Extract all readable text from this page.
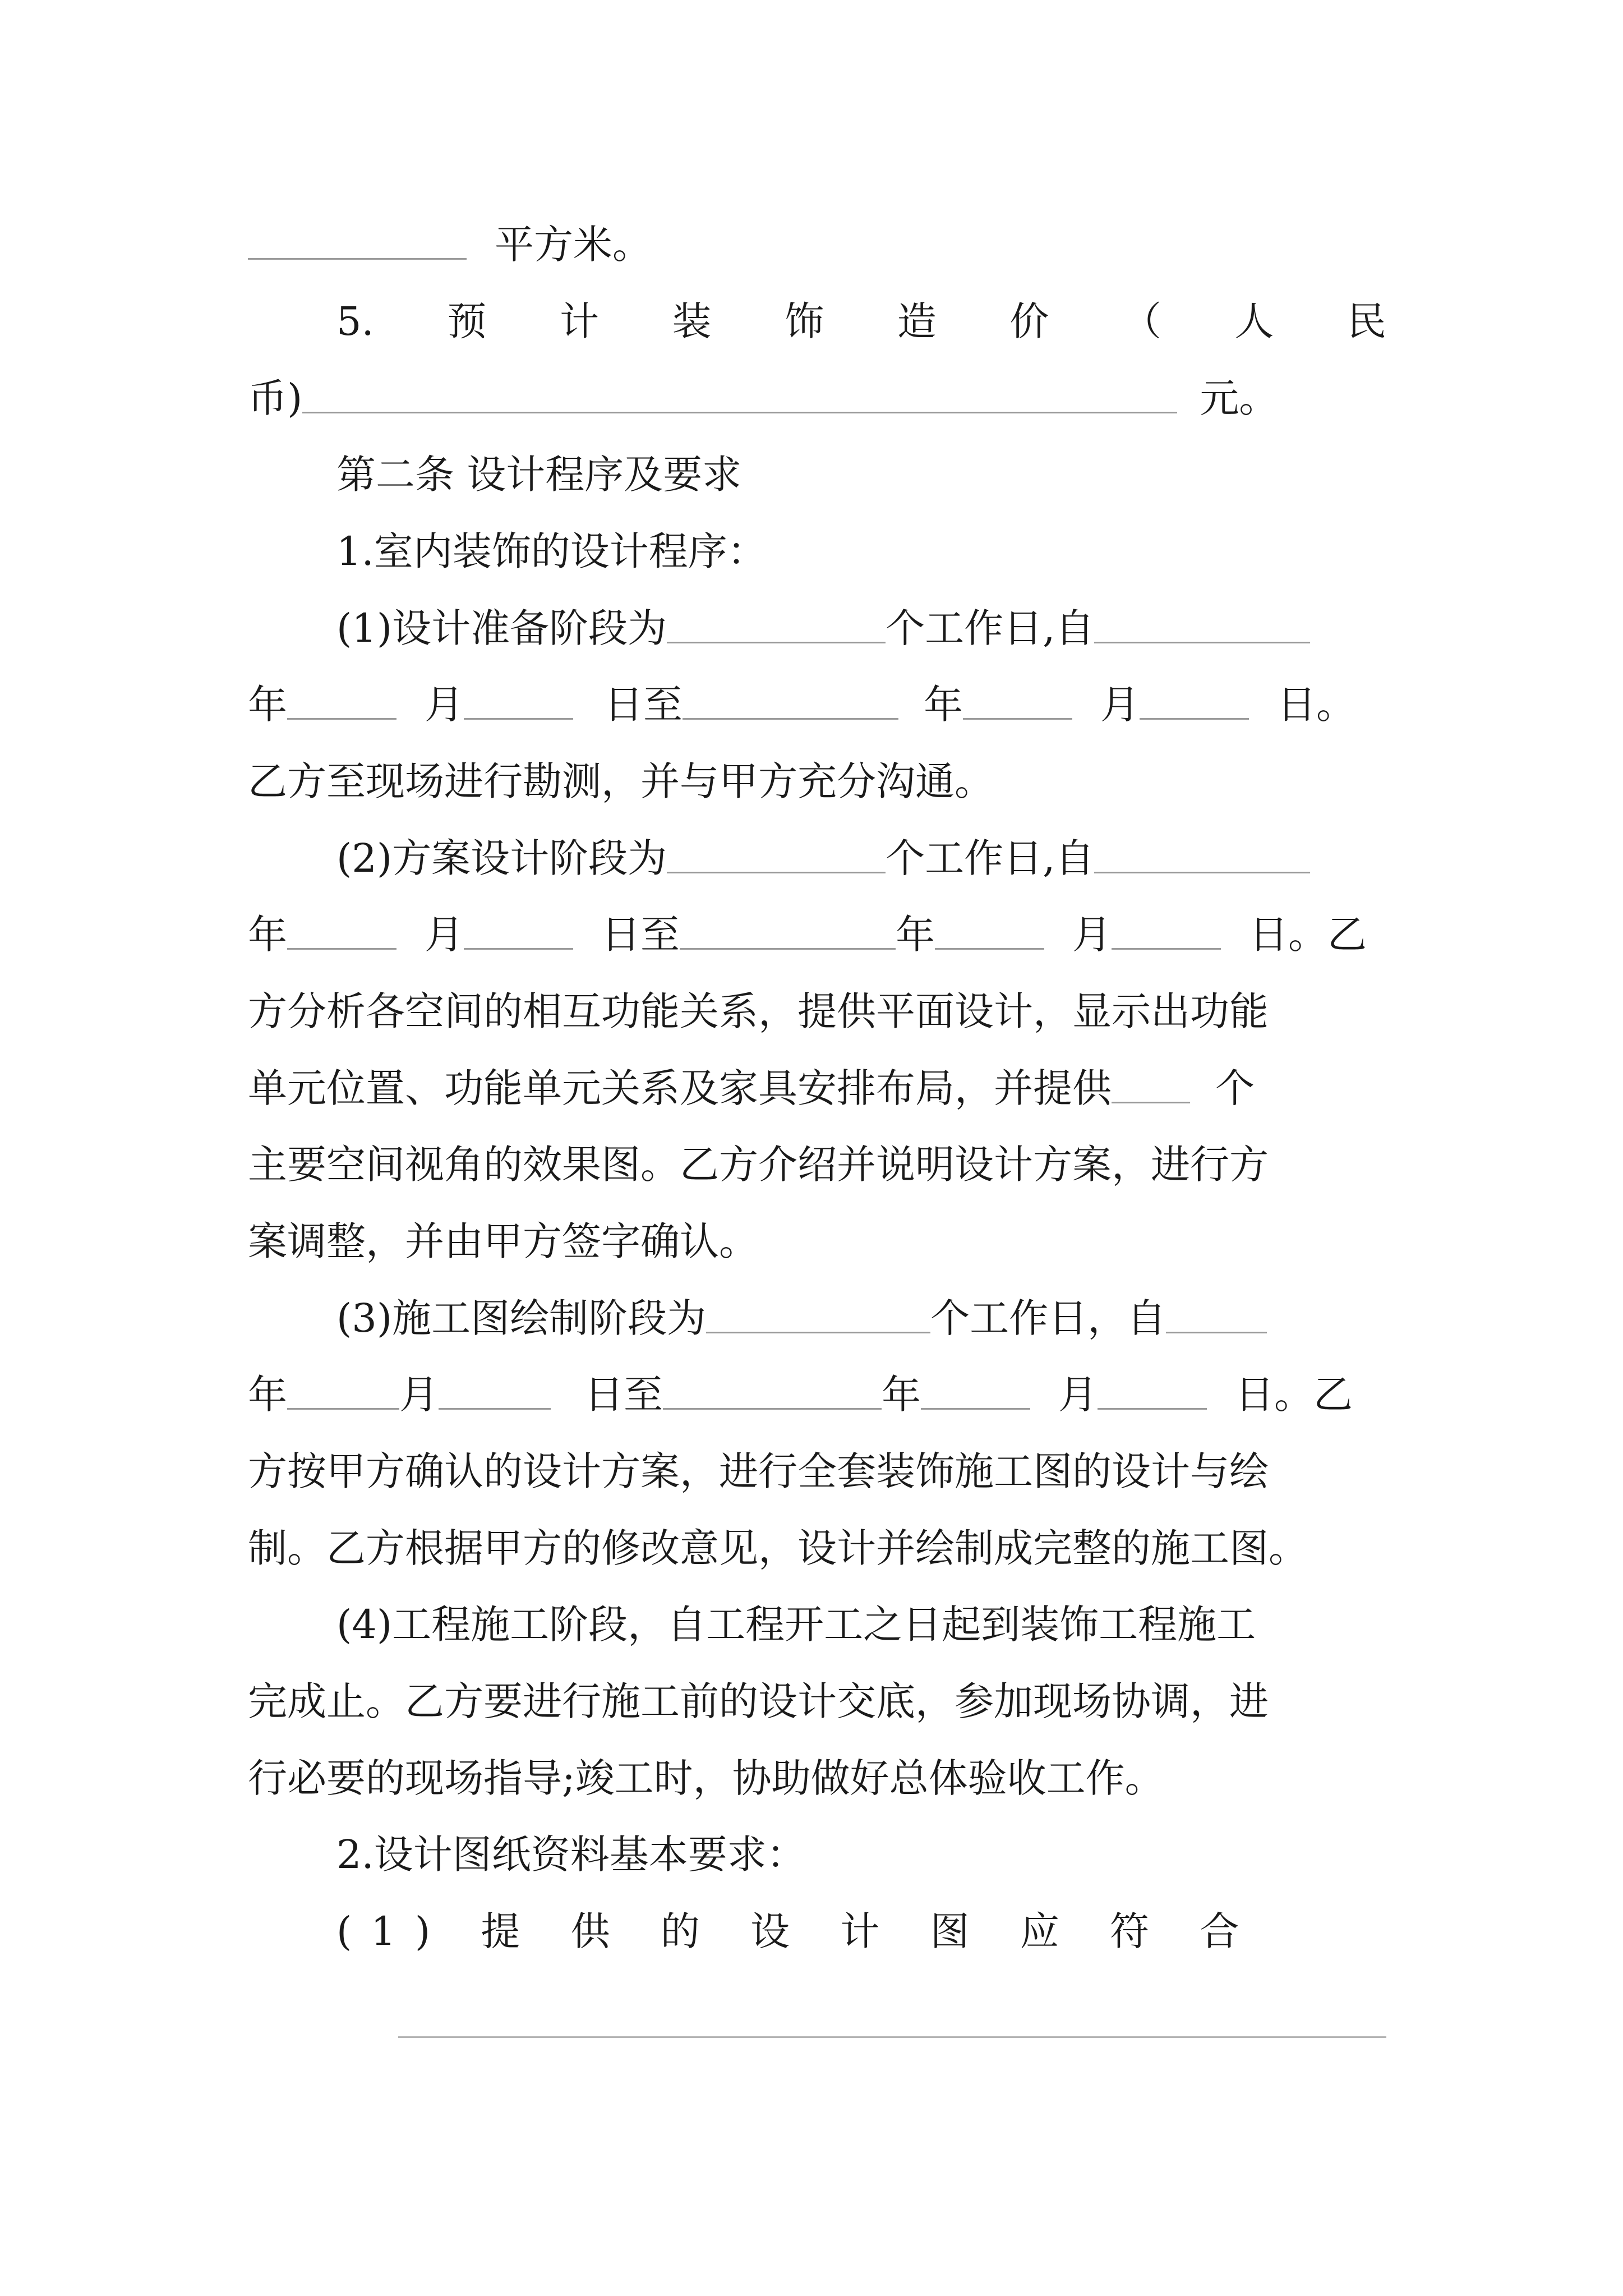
平方米。
5. 预 计 装 饰 造 价 （ 人 民
币)	元。
第二条 设计程序及要求
1.室内装饰的设计程序：
(1)设计准备阶段为	个工作日,自
年	月	日至	年	月	日。
乙方至现场进行勘测，并与甲方充分沟通。
(2)方案设计阶段为	个工作日,自
年	月	日至	年	月	日。乙
方分析各空间的相互功能关系，提供平面设计，显示出功能
单元位置、功能单元关系及家具安排布局，并提供	个
主要空间视角的效果图。乙方介绍并说明设计方案，进行方
案调整，并由甲方签字确认。
(3)施工图绘制阶段为	个工作日，自
年	月	日至	年	月	日。乙
方按甲方确认的设计方案，进行全套装饰施工图的设计与绘
制。乙方根据甲方的修改意见，设计并绘制成完整的施工图。
(4)工程施工阶段，自工程开工之日起到装饰工程施工
完成止。乙方要进行施工前的设计交底，参加现场协调，进
行必要的现场指导;竣工时，协助做好总体验收工作。
2.设计图纸资料基本要求：
(1) 提 供 的 设 计 图 应 符 合
